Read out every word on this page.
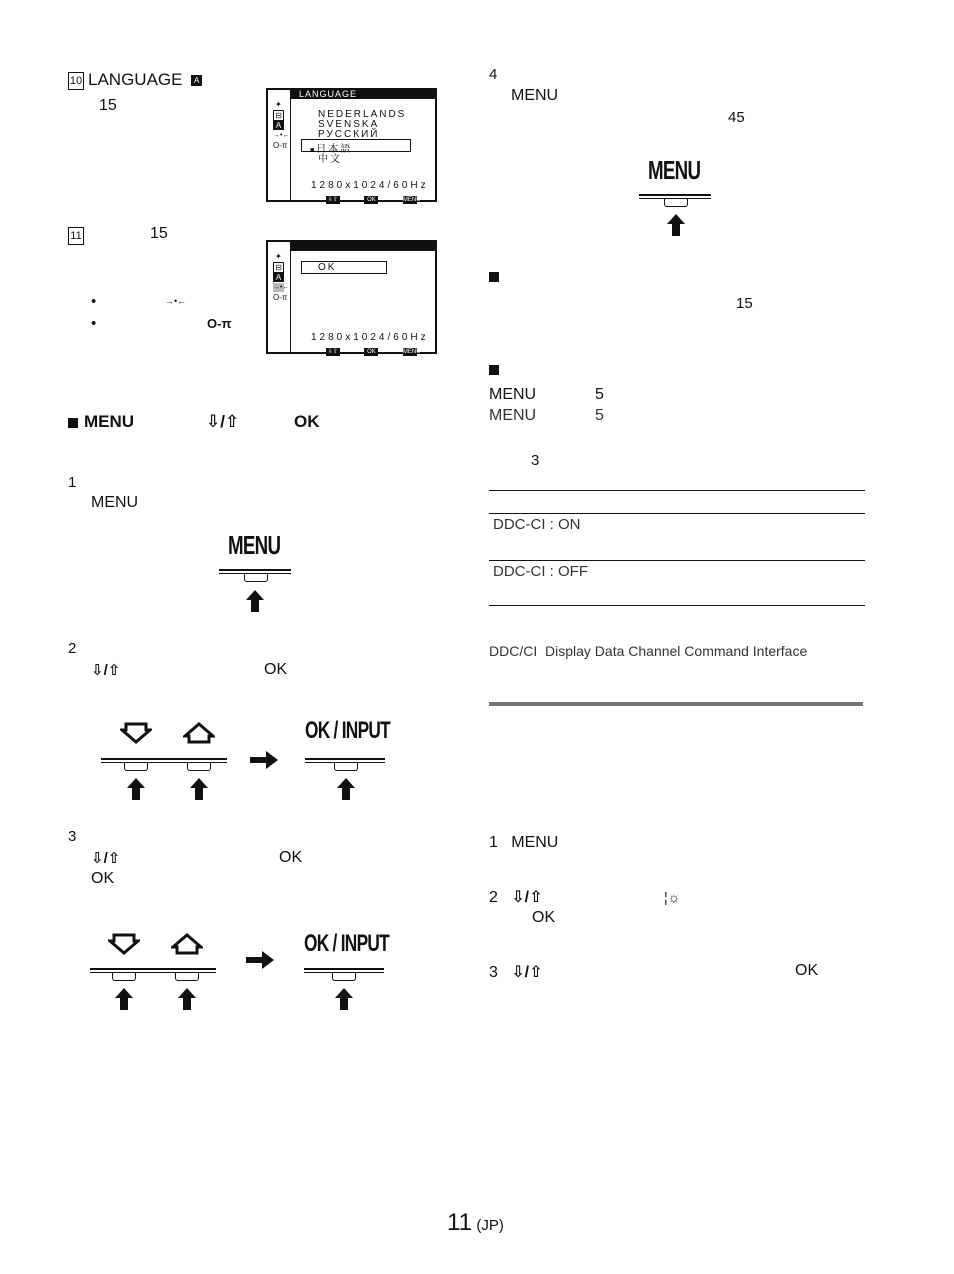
10 LANGUAGE A
15	✦
⊟
A
→•←
O‑π
LANGUAGE
NEDERLANDS
SVENSKA
РУССКИЙ
■日本語
中文
1280x1024/60Hz
⇩⇧	OK	MENU
11	15
✦
⊟
A
→•←
O‑π
OK
1280x1024/60Hz
⇩⇧	OK	MENU
•	→•←
•	O‑π
MENU	⇩/⇧	OK
1
MENU
MENU
2
⇩/⇧	OK
OK / INPUT
3
⇩/⇧	OK
OK
OK / INPUT
4
MENU
45
MENU
15
MENU	5
MENU	5
3
DDC-CI : ON
DDC-CI : OFF
DDC/CI Display Data Channel Command Interface
1 MENU
2 ⇩/⇧	¦☼
OK
3 ⇩/⇧	OK
11 (JP)
